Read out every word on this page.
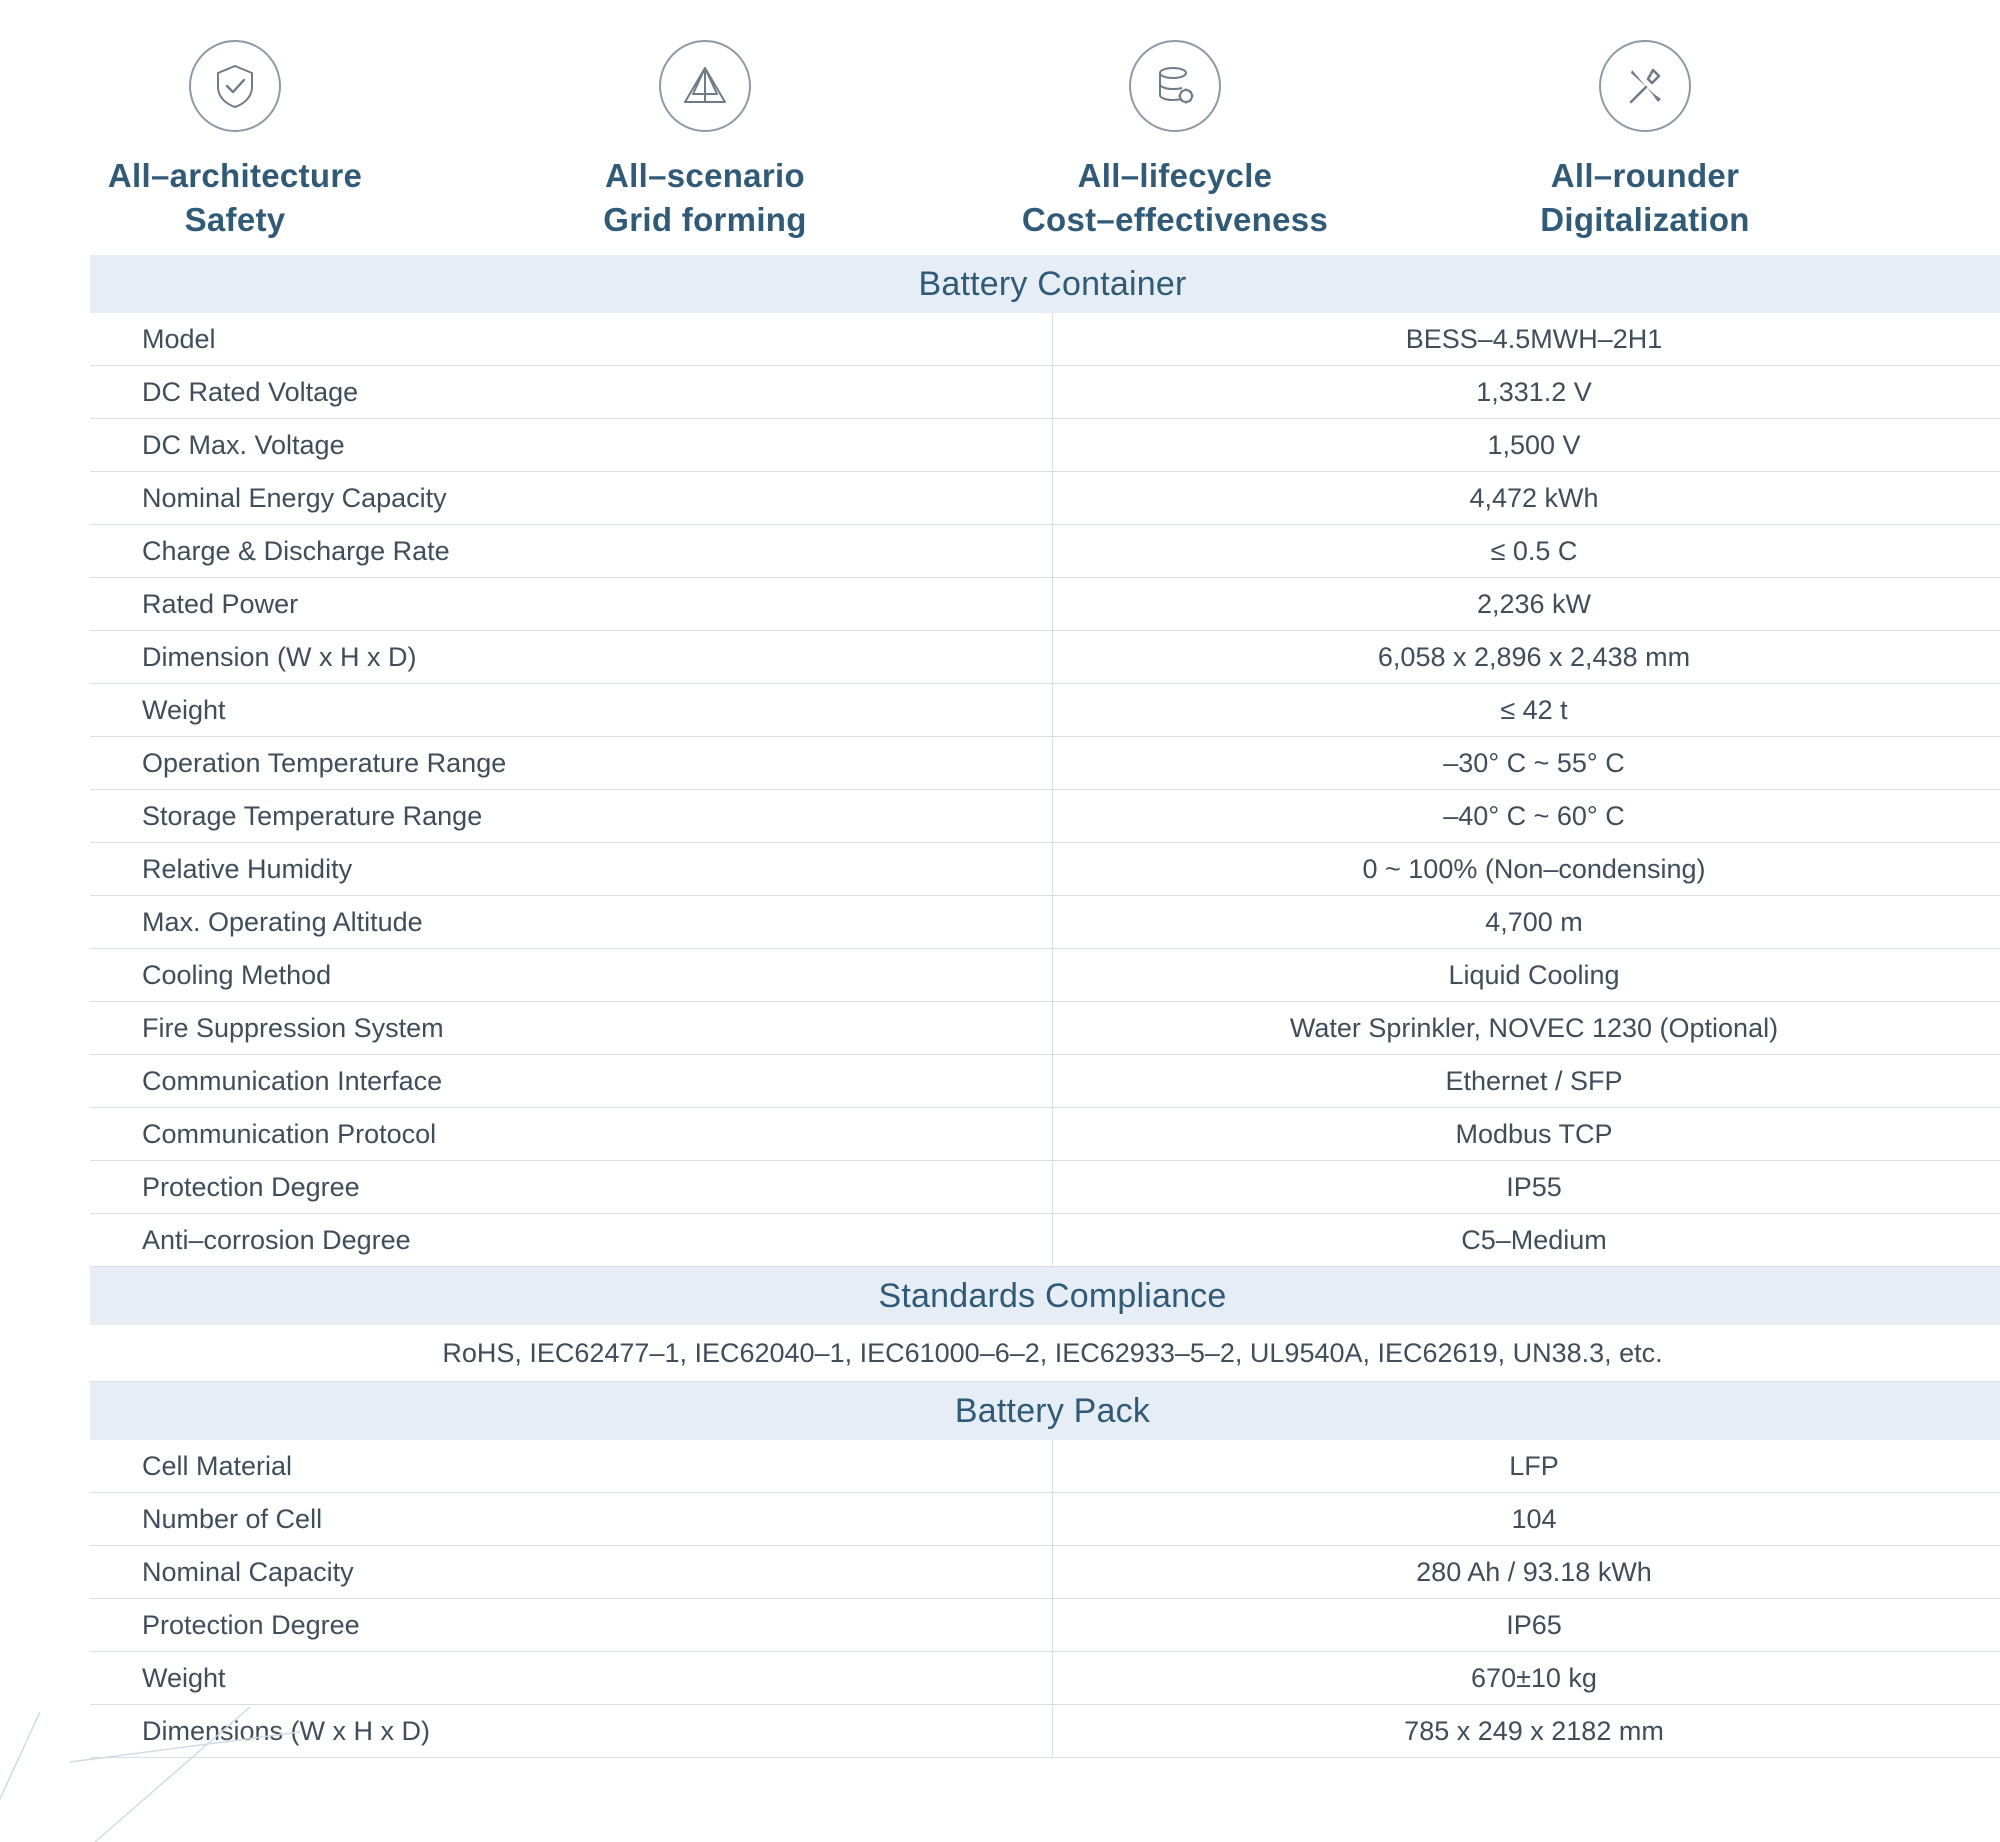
All–architecture
Safety
All–scenario
Grid forming
All–lifecycle
Cost–effectiveness
All–rounder
Digitalization
Battery Container	
Model	BESS–4.5MWH–2H1
DC Rated Voltage	1,331.2 V
DC Max. Voltage	1,500 V
Nominal Energy Capacity	4,472 kWh
Charge & Discharge Rate	≤ 0.5 C
Rated Power	2,236 kW
Dimension (W x H x D)	6,058 x 2,896 x 2,438 mm
Weight	≤ 42 t
Operation Temperature Range	–30° C ~ 55° C
Storage Temperature Range	–40° C ~ 60° C
Relative Humidity	0 ~ 100% (Non–condensing)
Max. Operating Altitude	4,700 m
Cooling Method	Liquid Cooling
Fire Suppression System	Water Sprinkler, NOVEC 1230 (Optional)
Communication Interface	Ethernet / SFP
Communication Protocol	Modbus TCP
Protection Degree	IP55
Anti–corrosion Degree	C5–Medium
Standards Compliance	
RoHS, IEC62477–1, IEC62040–1, IEC61000–6–2, IEC62933–5–2, UL9540A, IEC62619, UN38.3, etc.	
Battery Pack	
Cell Material	LFP
Number of Cell	104
Nominal Capacity	280 Ah / 93.18 kWh
Protection Degree	IP65
Weight	670±10 kg
Dimensions (W x H x D)	785 x 249 x 2182 mm
